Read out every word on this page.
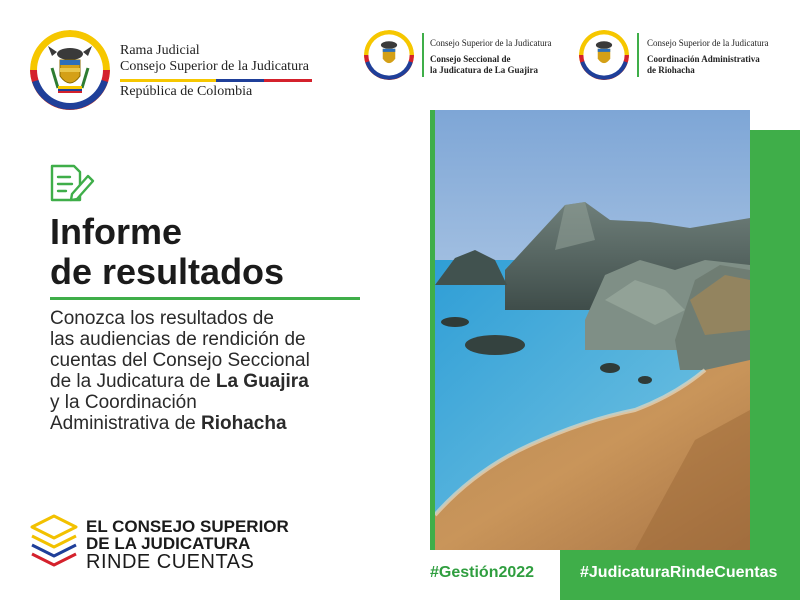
Rama Judicial
Consejo Superior de la Judicatura
República de Colombia
Consejo Superior de la Judicatura
Consejo Seccional de
la Judicatura de La Guajira
Consejo Superior de la Judicatura
Coordinación Administrativa
de Riohacha
Informe
de resultados

Conozca los resultados de
las audiencias de rendición de
cuentas del Consejo Seccional
de la Judicatura de La Guajira
y la Coordinación
Administrativa de Riohacha

EL CONSEJO SUPERIOR
DE LA JUDICATURA
RINDE CUENTAS	#Gestión2022	#JudicaturaRindeCuentas
